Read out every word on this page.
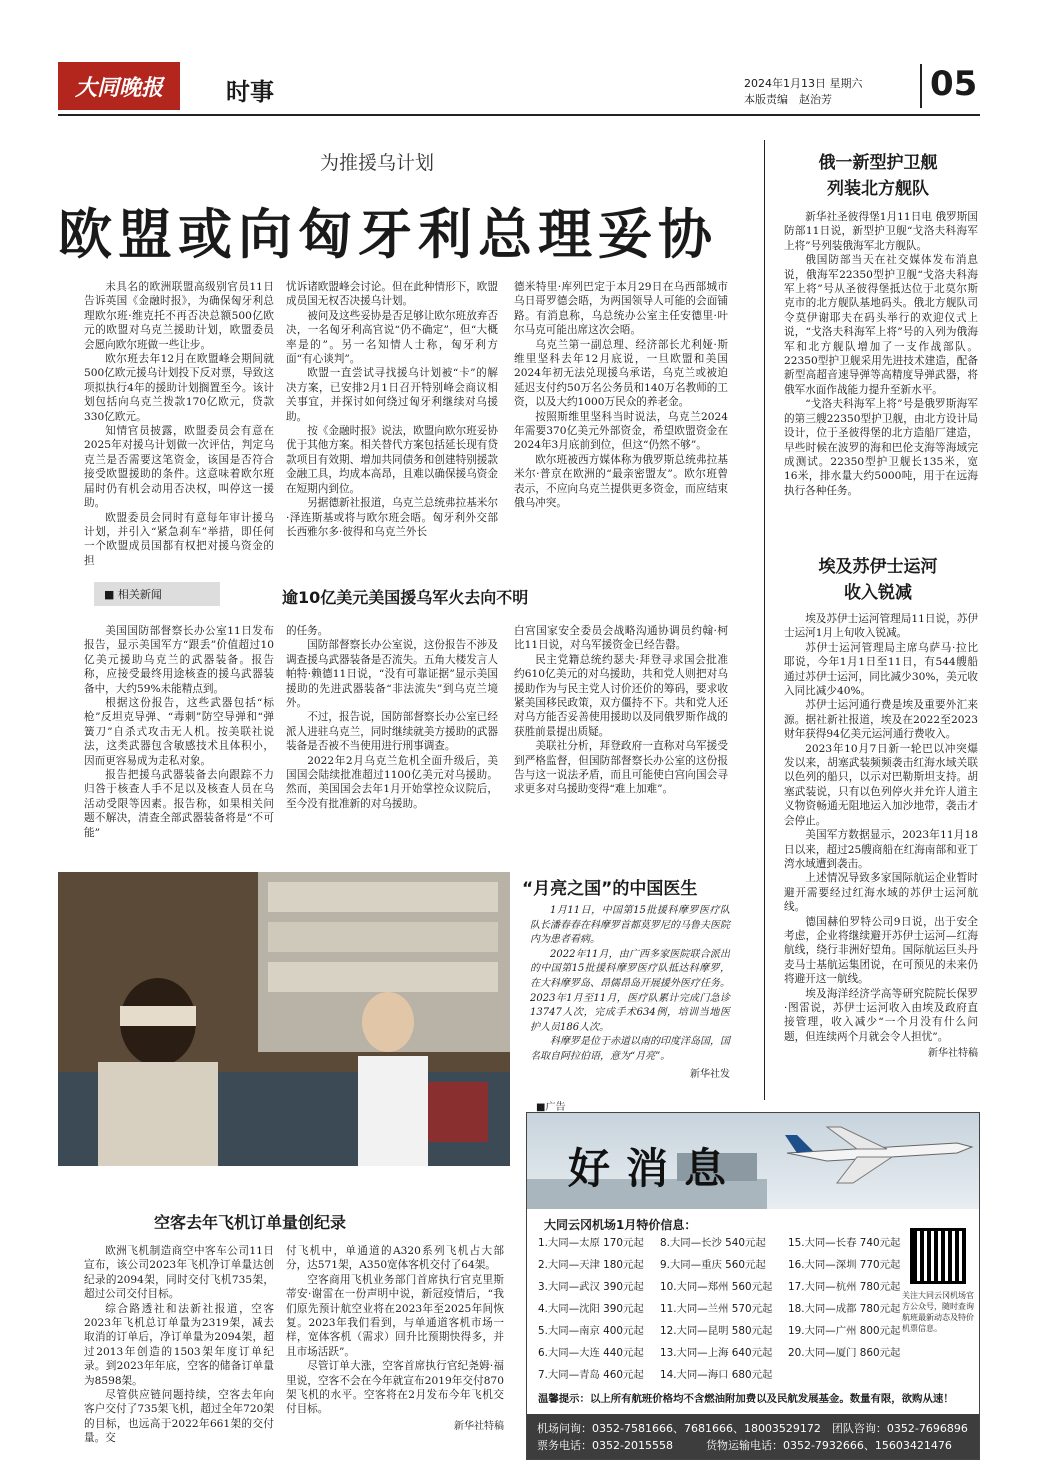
大同晚报	时事	2024年1月13日 星期六
本版责编　赵治芳	05
为推援乌计划
欧盟或向匈牙利总理妥协

未具名的欧洲联盟高级别官员11日告诉英国《金融时报》，为确保匈牙利总理欧尔班·维克托不再否决总额500亿欧元的欧盟对乌克兰援助计划，欧盟委员会愿向欧尔班做一些让步。

欧尔班去年12月在欧盟峰会期间就500亿欧元援乌计划投下反对票，导致这项拟执行4年的援助计划搁置至今。该计划包括向乌克兰拨款170亿欧元，贷款330亿欧元。

知情官员披露，欧盟委员会有意在2025年对援乌计划做一次评估，判定乌克兰是否需要这笔资金，该国是否符合接受欧盟援助的条件。这意味着欧尔班届时仍有机会动用否决权，叫停这一援助。

欧盟委员会同时有意每年审计援乌计划，并引入“紧急刹车”举措，即任何一个欧盟成员国都有权把对援乌资金的担

忧诉诸欧盟峰会讨论。但在此种情形下，欧盟成员国无权否决援乌计划。

被问及这些妥协是否足够让欧尔班放弃否决，一名匈牙利高官说“仍不确定”，但“大概率是的”。另一名知情人士称，匈牙利方面“有心谈判”。

欧盟一直尝试寻找援乌计划被“卡”的解决方案，已安排2月1日召开特别峰会商议相关事宜，并探讨如何绕过匈牙利继续对乌援助。

按《金融时报》说法，欧盟向欧尔班妥协优于其他方案。相关替代方案包括延长现有贷款项目有效期、增加共同债务和创建特别援款金融工具，均成本高昂，且难以确保援乌资金在短期内到位。

另据德新社报道，乌克兰总统弗拉基米尔·泽连斯基或将与欧尔班会晤。匈牙利外交部长西雅尔多·彼得和乌克兰外长

德米特里·库列巴定于本月29日在乌西部城市乌日哥罗德会晤，为两国领导人可能的会面铺路。有消息称，乌总统办公室主任安德里·叶尔马克可能出席这次会晤。

乌克兰第一副总理、经济部长尤利娅·斯维里坚科去年12月底说，一旦欧盟和美国2024年初无法兑现援乌承诺，乌克兰或被迫延迟支付约50万名公务员和140万名教师的工资，以及大约1000万民众的养老金。

按照斯维里坚科当时说法，乌克兰2024年需要370亿美元外部资金，希望欧盟资金在2024年3月底前到位，但这“仍然不够”。

欧尔班被西方媒体称为俄罗斯总统弗拉基米尔·普京在欧洲的“最亲密盟友”。欧尔班曾表示，不应向乌克兰提供更多资金，而应结束俄乌冲突。

俄一新型护卫舰
列装北方舰队

新华社圣彼得堡1月11日电 俄罗斯国防部11日说，新型护卫舰“戈洛夫科海军上将”号列装俄海军北方舰队。

俄国防部当天在社交媒体发布消息说，俄海军22350型护卫舰“戈洛夫科海军上将”号从圣彼得堡抵达位于北莫尔斯克市的北方舰队基地码头。俄北方舰队司令莫伊谢耶夫在码头举行的欢迎仪式上说，“戈洛夫科海军上将”号的入列为俄海军和北方舰队增加了一支作战部队。22350型护卫舰采用先进技术建造，配备新型高超音速导弹等高精度导弹武器，将俄军水面作战能力提升至新水平。

“戈洛夫科海军上将”号是俄罗斯海军的第三艘22350型护卫舰，由北方设计局设计，位于圣彼得堡的北方造船厂建造，早些时候在波罗的海和巴伦支海等海域完成测试。22350型护卫舰长135米，宽16米，排水量大约5000吨，用于在远海执行各种任务。

埃及苏伊士运河
收入锐减

埃及苏伊士运河管理局11日说，苏伊士运河1月上旬收入锐减。

苏伊士运河管理局主席乌萨马·拉比耶说，今年1月1日至11日，有544艘船通过苏伊士运河，同比减少30%，美元收入同比减少40%。

苏伊士运河通行费是埃及重要外汇来源。据社新社报道，埃及在2022至2023财年获得94亿美元运河通行费收入。

2023年10月7日新一轮巴以冲突爆发以来，胡塞武装频频袭击红海水域关联以色列的船只，以示对巴勒斯坦支持。胡塞武装说，只有以色列停火并允许人道主义物资畅通无阻地运入加沙地带，袭击才会停止。

美国军方数据显示，2023年11月18日以来，超过25艘商船在红海南部和亚丁湾水域遭到袭击。

上述情况导致多家国际航运企业暂时避开需要经过红海水域的苏伊士运河航线。

德国赫伯罗特公司9日说，出于安全考虑，企业将继续避开苏伊士运河—红海航线，绕行非洲好望角。国际航运巨头丹麦马士基航运集团说，在可预见的未来仍将避开这一航线。

埃及海洋经济学高等研究院院长保罗·图雷说，苏伊士运河收入由埃及政府直接管理，收入减少“一个月没有什么问题，但连续两个月就会令人担忧”。

新华社特稿
■ 相关新闻	逾10亿美元美国援乌军火去向不明

美国国防部督察长办公室11日发布报告，显示美国军方“跟丢”价值超过10亿美元援助乌克兰的武器装备。报告称，应接受最终用途核查的援乌武器装备中，大约59%未能精点到。

根据这份报告，这些武器包括“标枪”反坦克导弹、“毒刺”防空导弹和“弹簧刀”自杀式攻击无人机。按美联社说法，这类武器包含敏感技术且体积小，因而更容易成为走私对象。

报告把援乌武器装备去向跟踪不力归咎于核查人手不足以及核查人员在乌活动受限等因素。报告称，如果相关问题不解决，清查全部武器装备将是“不可能”

的任务。

国防部督察长办公室说，这份报告不涉及调查援乌武器装备是否流失。五角大楼发言人帕特·赖德11日说，“没有可靠证据”显示美国援助的先进武器装备“非法流失”到乌克兰境外。

不过，报告说，国防部督察长办公室已经派人进驻乌克兰，同时继续就美方援助的武器装备是否被不当使用进行刑事调查。

2022年2月乌克兰危机全面升级后，美国国会陆续批准超过1100亿美元对乌援助。然而，美国国会去年1月开始掌控众议院后，至今没有批准新的对乌援助。

白宫国家安全委员会战略沟通协调员约翰·柯比11日说，对乌军援资金已经告罄。

民主党籍总统约瑟夫·拜登寻求国会批准约610亿美元的对乌援助，共和党人则把对乌援助作为与民主党人讨价还价的筹码，要求收紧美国移民政策，双方僵持不下。共和党人还对乌方能否妥善使用援助以及同俄罗斯作战的获胜前景提出质疑。

美联社分析，拜登政府一直称对乌军援受到严格监督，但国防部督察长办公室的这份报告与这一说法矛盾，而且可能使白宫向国会寻求更多对乌援助变得“难上加难”。

“月亮之国”的中国医生

1月11日，中国第15批援科摩罗医疗队队长潘春春在科摩罗首都莫罗尼的马鲁夫医院内为患者看病。

2022年11月，由广西多家医院联合派出的中国第15批援科摩罗医疗队抵达科摩罗，在大科摩罗岛、昂儒昂岛开展援外医疗任务。2023年1月至11月，医疗队累计完成门急诊13747人次，完成手术634例，培训当地医护人员186人次。

科摩罗是位于赤道以南的印度洋岛国，国名取自阿拉伯语，意为“月亮”。

新华社发
空客去年飞机订单量创纪录

欧洲飞机制造商空中客车公司11日宣布，该公司2023年飞机净订单量达创纪录的2094架，同时交付飞机735架，超过公司交付目标。

综合路透社和法新社报道，空客2023年飞机总订单量为2319架，减去取消的订单后，净订单量为2094架，超过2013年创造的1503架年度订单纪录。到2023年年底，空客的储备订单量为8598架。

尽管供应链问题持续，空客去年向客户交付了735架飞机，超过全年720架的目标，也远高于2022年661架的交付量。交

付飞机中，单通道的A320系列飞机占大部分，达571架，A350宽体客机交付了64架。

空客商用飞机业务部门首席执行官克里斯蒂安·谢雷在一份声明中说，新冠疫情后，“我们原先预计航空业将在2023年至2025年间恢复。2023年我们看到，与单通道客机市场一样，宽体客机（需求）回升比预期快得多，并且市场活跃”。

尽管订单大涨，空客首席执行官纪尧姆·福里说，空客不会在今年就宣布2019年交付870架飞机的水平。空客将在2月发布今年飞机交付目标。

新华社特稿
■广告
好消息
大同云冈机场1月特价信息：
1.大同—太原 170元起	8.大同—长沙 540元起	15.大同—长春 740元起
2.大同—天津 180元起	9.大同—重庆 560元起	16.大同—深圳 770元起
3.大同—武汉 390元起	10.大同—郑州 560元起	17.大同—杭州 780元起
4.大同—沈阳 390元起	11.大同—兰州 570元起	18.大同—成都 780元起
5.大同—南京 400元起	12.大同—昆明 580元起	19.大同—广州 800元起
6.大同—大连 440元起	13.大同—上海 640元起	20.大同—厦门 860元起
7.大同—青岛 460元起	14.大同—海口 680元起
关注大同云冈机场官方公众号，随时查询航班最新动态及特价机票信息。
温馨提示：以上所有航班价格均不含燃油附加费以及民航发展基金。数量有限，欲购从速！
机场问询：0352-7581666、7681666、18003529172　团队咨询：0352-7696896
票务电话：0352-2015558　　　货物运输电话：0352-7932666、15603421476
